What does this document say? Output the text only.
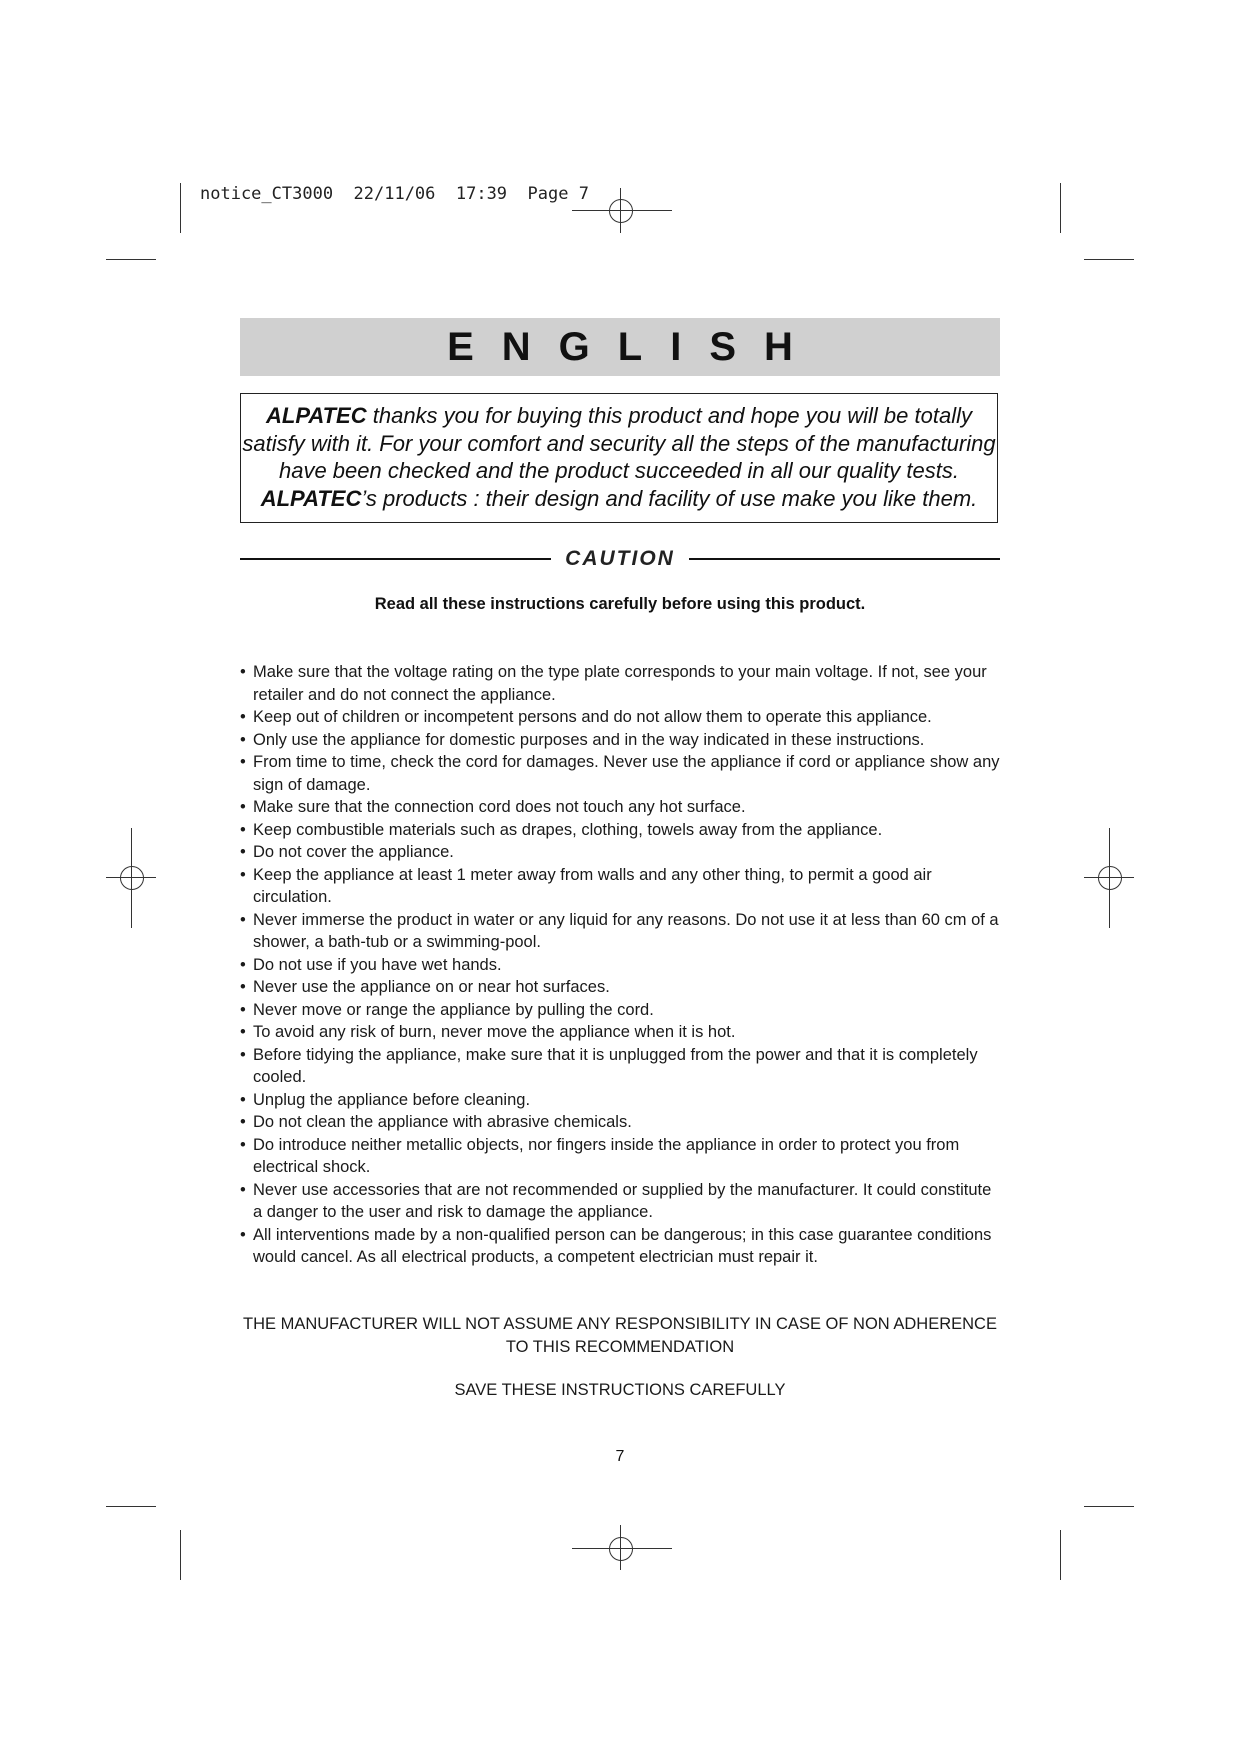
notice_CT3000  22/11/06  17:39  Page 7
ENGLISH
ALPATEC thanks you for buying this product and hope you will be totally
satisfy with it. For your comfort and security all the steps of the manufacturing
have been checked and the product succeeded in all our quality tests.
ALPATEC’s products : their design and facility of use make you like them.
CAUTION
Read all these instructions carefully before using this product.
• Make sure that the voltage rating on the type plate corresponds to your main voltage. If not, see your retailer and do not connect the appliance.
• Keep out of children or incompetent persons and do not allow them to operate this appliance.
• Only use the appliance for domestic purposes and in the way indicated in these instructions.
• From time to time, check the cord for damages. Never use the appliance if cord or appliance show any sign of damage.
• Make sure that the connection cord does not touch any hot surface.
• Keep combustible materials such as drapes, clothing, towels away from the appliance.
• Do not cover the appliance.
• Keep the appliance at least 1 meter away from walls and any other thing, to permit a good air circulation.
• Never immerse the product in water or any liquid for any reasons. Do not use it at less than 60 cm of a shower, a bath-tub or a swimming-pool.
• Do not use if you have wet hands.
• Never use the appliance on or near hot surfaces.
• Never move or range the appliance by pulling the cord.
• To avoid any risk of burn, never move the appliance when it is hot.
• Before tidying the appliance, make sure that it is unplugged from the power and that it is completely cooled.
• Unplug the appliance before cleaning.
• Do not clean the appliance with abrasive chemicals.
• Do introduce neither metallic objects, nor fingers inside the appliance in order to protect you from electrical shock.
• Never use accessories that are not recommended or supplied by the manufacturer. It could constitute a danger to the user and risk to damage the appliance.
• All interventions made by a non-qualified person can be dangerous; in this case guarantee conditions would cancel. As all electrical products, a competent electrician must repair it.
THE MANUFACTURER WILL NOT ASSUME ANY RESPONSIBILITY IN CASE OF NON ADHERENCE TO THIS RECOMMENDATION
SAVE THESE INSTRUCTIONS CAREFULLY
7
